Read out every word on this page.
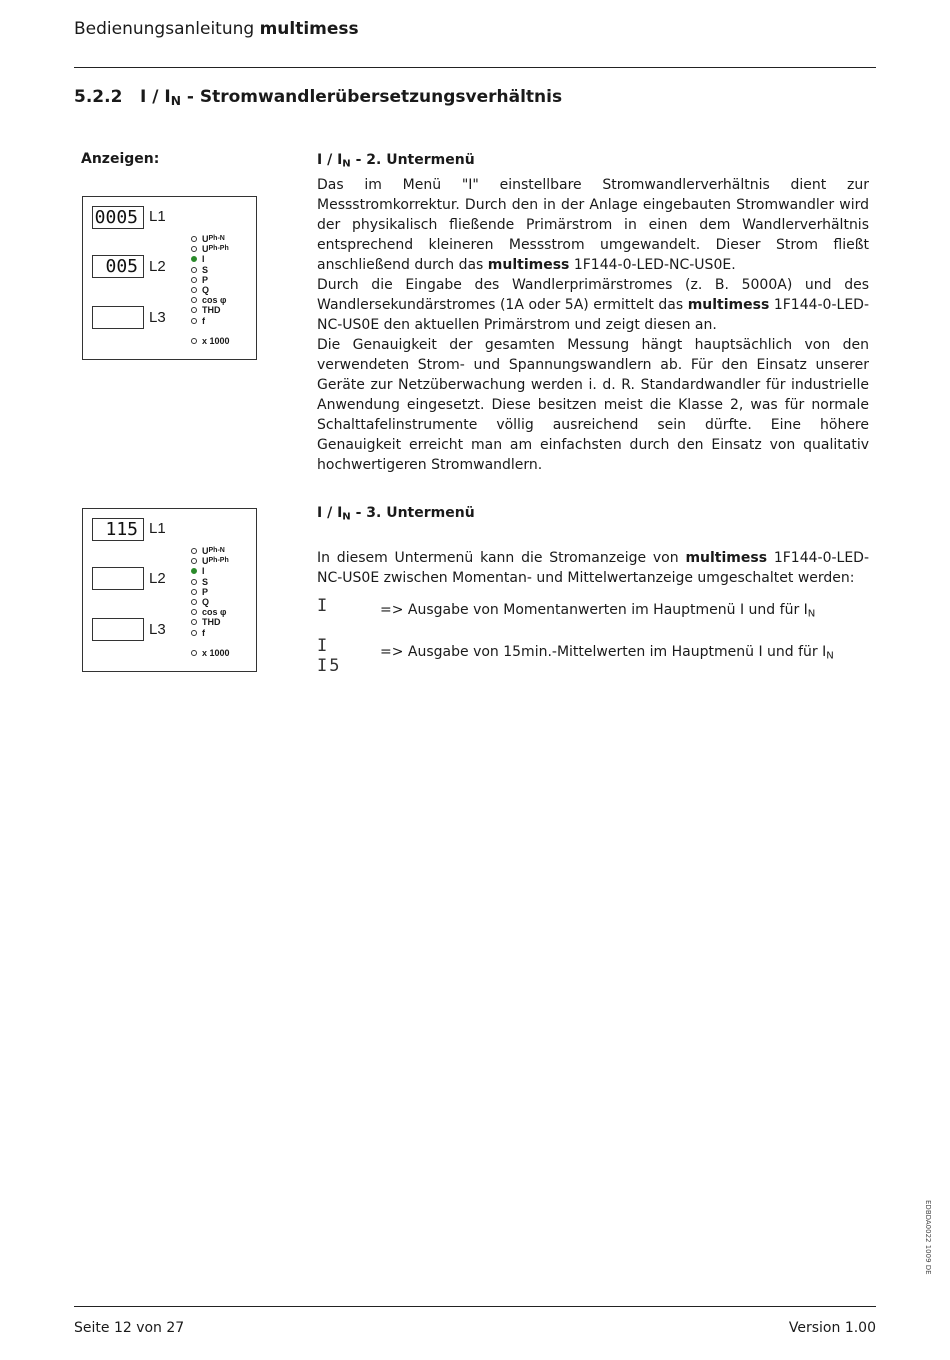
Bedienungsanleitung multimess
5.2.2 I / $I_N$ - Stromwandlerübersetzungsverhältnis
Anzeigen:
0005 L1
005 L2
L3
U Ph-N
U Ph-Ph
I
S
P
Q
cos φ
THD
f
x 1000
I / $I_N - 2$. Untermenü

Das im Menü "I" einstellbare Stromwandlerverhältnis dient zur Messstromkorrektur. Durch den in der Anlage eingebauten Stromwandler wird der physikalisch fließende Primärstrom in einen dem Wandlerverhältnis entsprechend kleineren Messstrom umgewandelt. Dieser Strom fließt anschließend durch das multimess 1F144-0-LED-NC-US0E.

Durch die Eingabe des Wandlerprimärstromes (z. B. 5000A) und des Wandlersekundärstromes (1A oder 5A) ermittelt das multimess 1F144-0-LED-NC-US0E den aktuellen Primärstrom und zeigt diesen an.

Die Genauigkeit der gesamten Messung hängt hauptsächlich von den verwendeten Strom- und Spannungswandlern ab. Für den Einsatz unserer Geräte zur Netzüberwachung werden i. d. R. Standardwandler für industrielle Anwendung eingesetzt. Diese besitzen meist die Klasse 2, was für normale Schalttafelinstrumente völlig ausreichend sein dürfte. Eine höhere Genauigkeit erreicht man am einfachsten durch den Einsatz von qualitativ hochwertigeren Stromwandlern.

115 L1
L2
L3
U Ph-N
U Ph-Ph
I
S
P
Q
cos φ
THD
f
x 1000
I / $I_N - 3$. Untermenü

In diesem Untermenü kann die Stromanzeige von multimess 1F144-0-LED-NC-US0E zwischen Momentan- und Mittelwertanzeige umgeschaltet werden:

I	=> Ausgabe von Momentanwerten im Hauptmenü I und für $I_N$
I I5
=> Ausgabe von 15min.-Mittelwerten im Hauptmenü I und für $I_N$
EDBDA0022 1009 DE
Seite 12 von 27	Version 1.00
